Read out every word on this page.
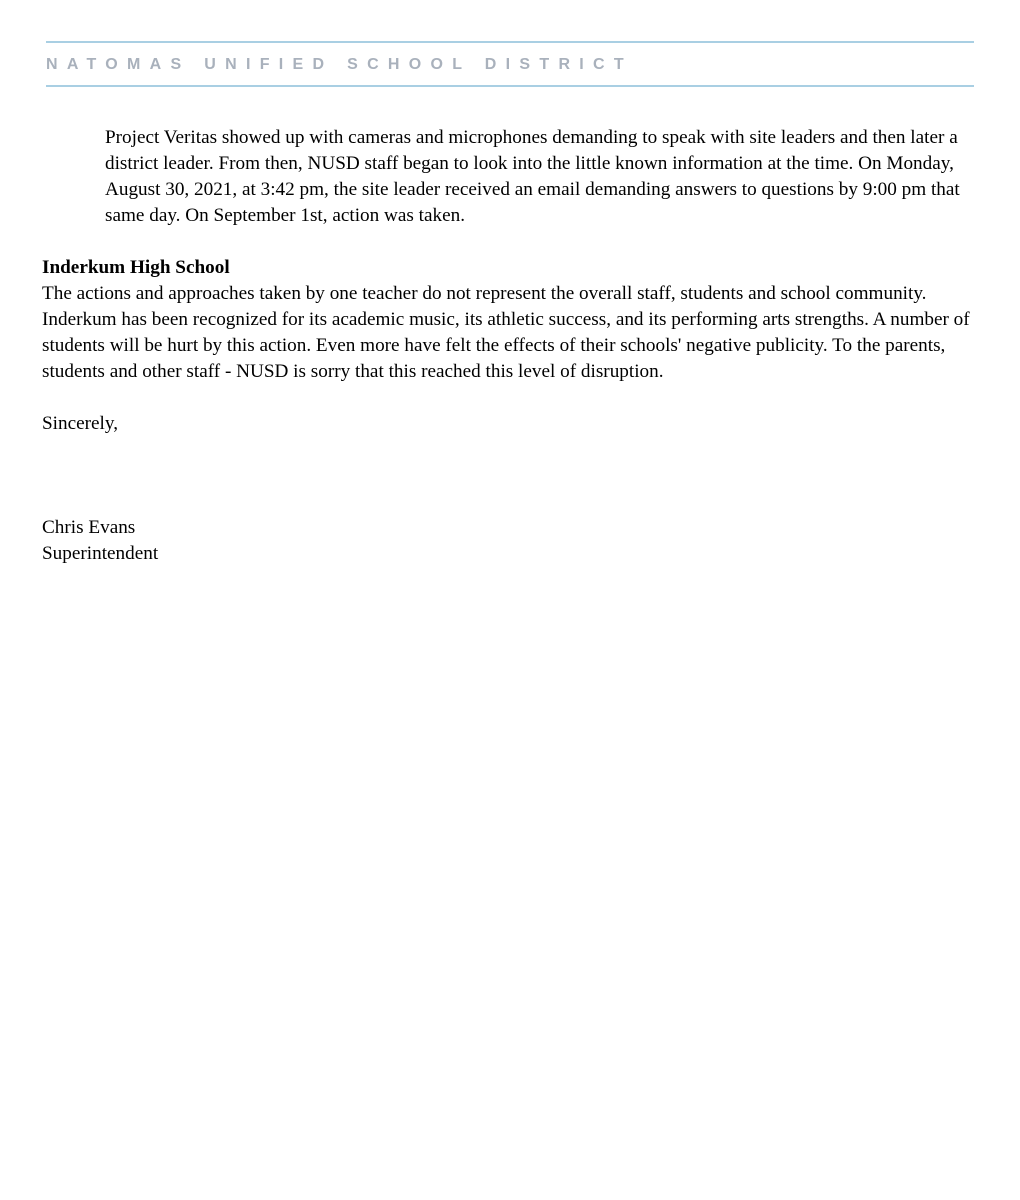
NATOMAS UNIFIED SCHOOL DISTRICT

Project Veritas showed up with cameras and microphones demanding to speak with site leaders and then later a district leader. From then, NUSD staff began to look into the little known information at the time. On Monday, August 30, 2021, at 3:42 pm, the site leader received an email demanding answers to questions by 9:00 pm that same day. On September 1st, action was taken.

Inderkum High School

The actions and approaches taken by one teacher do not represent the overall staff, students and school community. Inderkum has been recognized for its academic music, its athletic success, and its performing arts strengths. A number of students will be hurt by this action. Even more have felt the effects of their schools' negative publicity. To the parents, students and other staff - NUSD is sorry that this reached this level of disruption.

Sincerely,

Chris Evans
Superintendent
